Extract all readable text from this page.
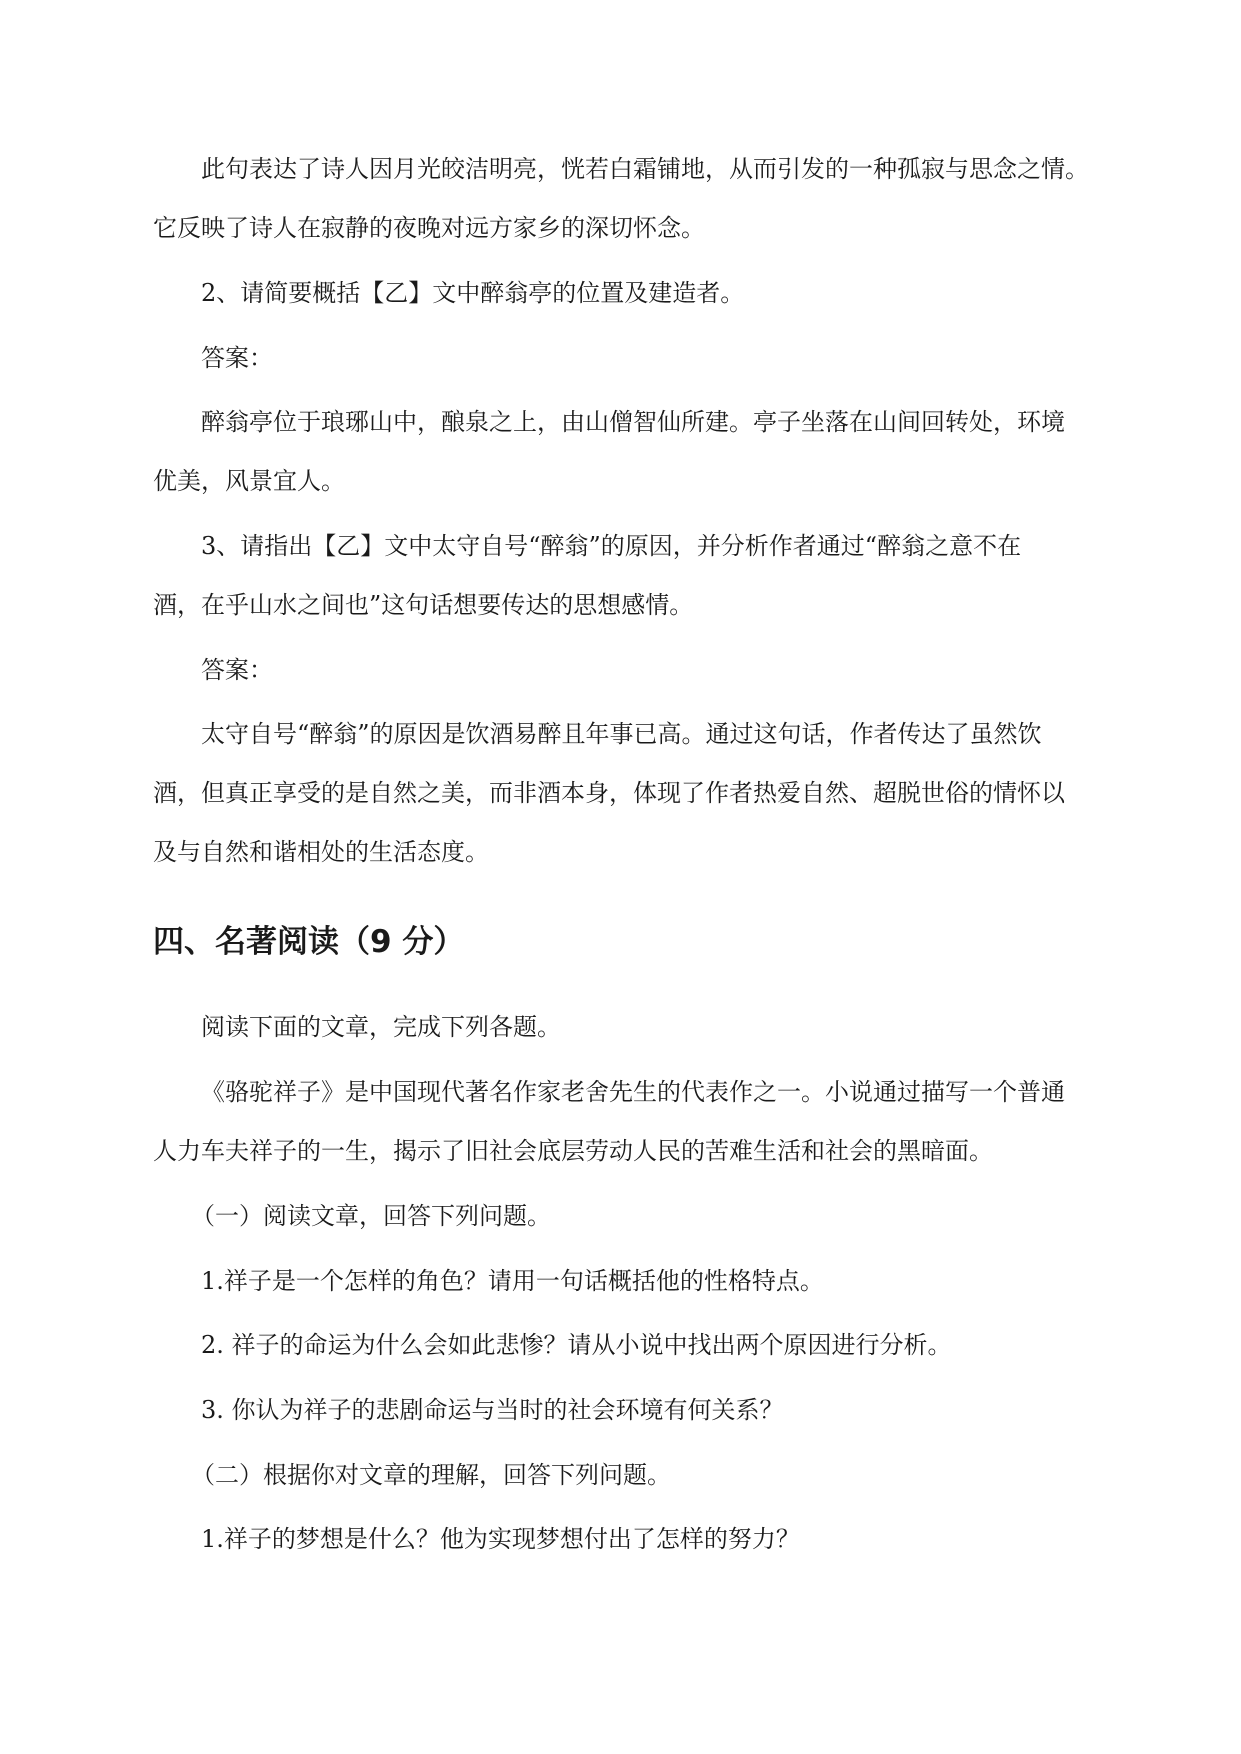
此句表达了诗人因月光皎洁明亮，恍若白霜铺地，从而引发的一种孤寂与思念之情。
它反映了诗人在寂静的夜晚对远方家乡的深切怀念。
2、请简要概括【乙】文中醉翁亭的位置及建造者。
答案：
醉翁亭位于琅琊山中，酿泉之上，由山僧智仙所建。亭子坐落在山间回转处，环境
优美，风景宜人。
3、请指出【乙】文中太守自号“醉翁”的原因，并分析作者通过“醉翁之意不在
酒，在乎山水之间也”这句话想要传达的思想感情。
答案：
太守自号“醉翁”的原因是饮酒易醉且年事已高。通过这句话，作者传达了虽然饮
酒，但真正享受的是自然之美，而非酒本身，体现了作者热爱自然、超脱世俗的情怀以
及与自然和谐相处的生活态度。
四、名著阅读（9 分）
阅读下面的文章，完成下列各题。
《骆驼祥子》是中国现代著名作家老舍先生的代表作之一。小说通过描写一个普通
人力车夫祥子的一生，揭示了旧社会底层劳动人民的苦难生活和社会的黑暗面。
（一）阅读文章，回答下列问题。
1.祥子是一个怎样的角色？请用一句话概括他的性格特点。
2. 祥子的命运为什么会如此悲惨？请从小说中找出两个原因进行分析。
3. 你认为祥子的悲剧命运与当时的社会环境有何关系？
（二）根据你对文章的理解，回答下列问题。
1.祥子的梦想是什么？他为实现梦想付出了怎样的努力？
